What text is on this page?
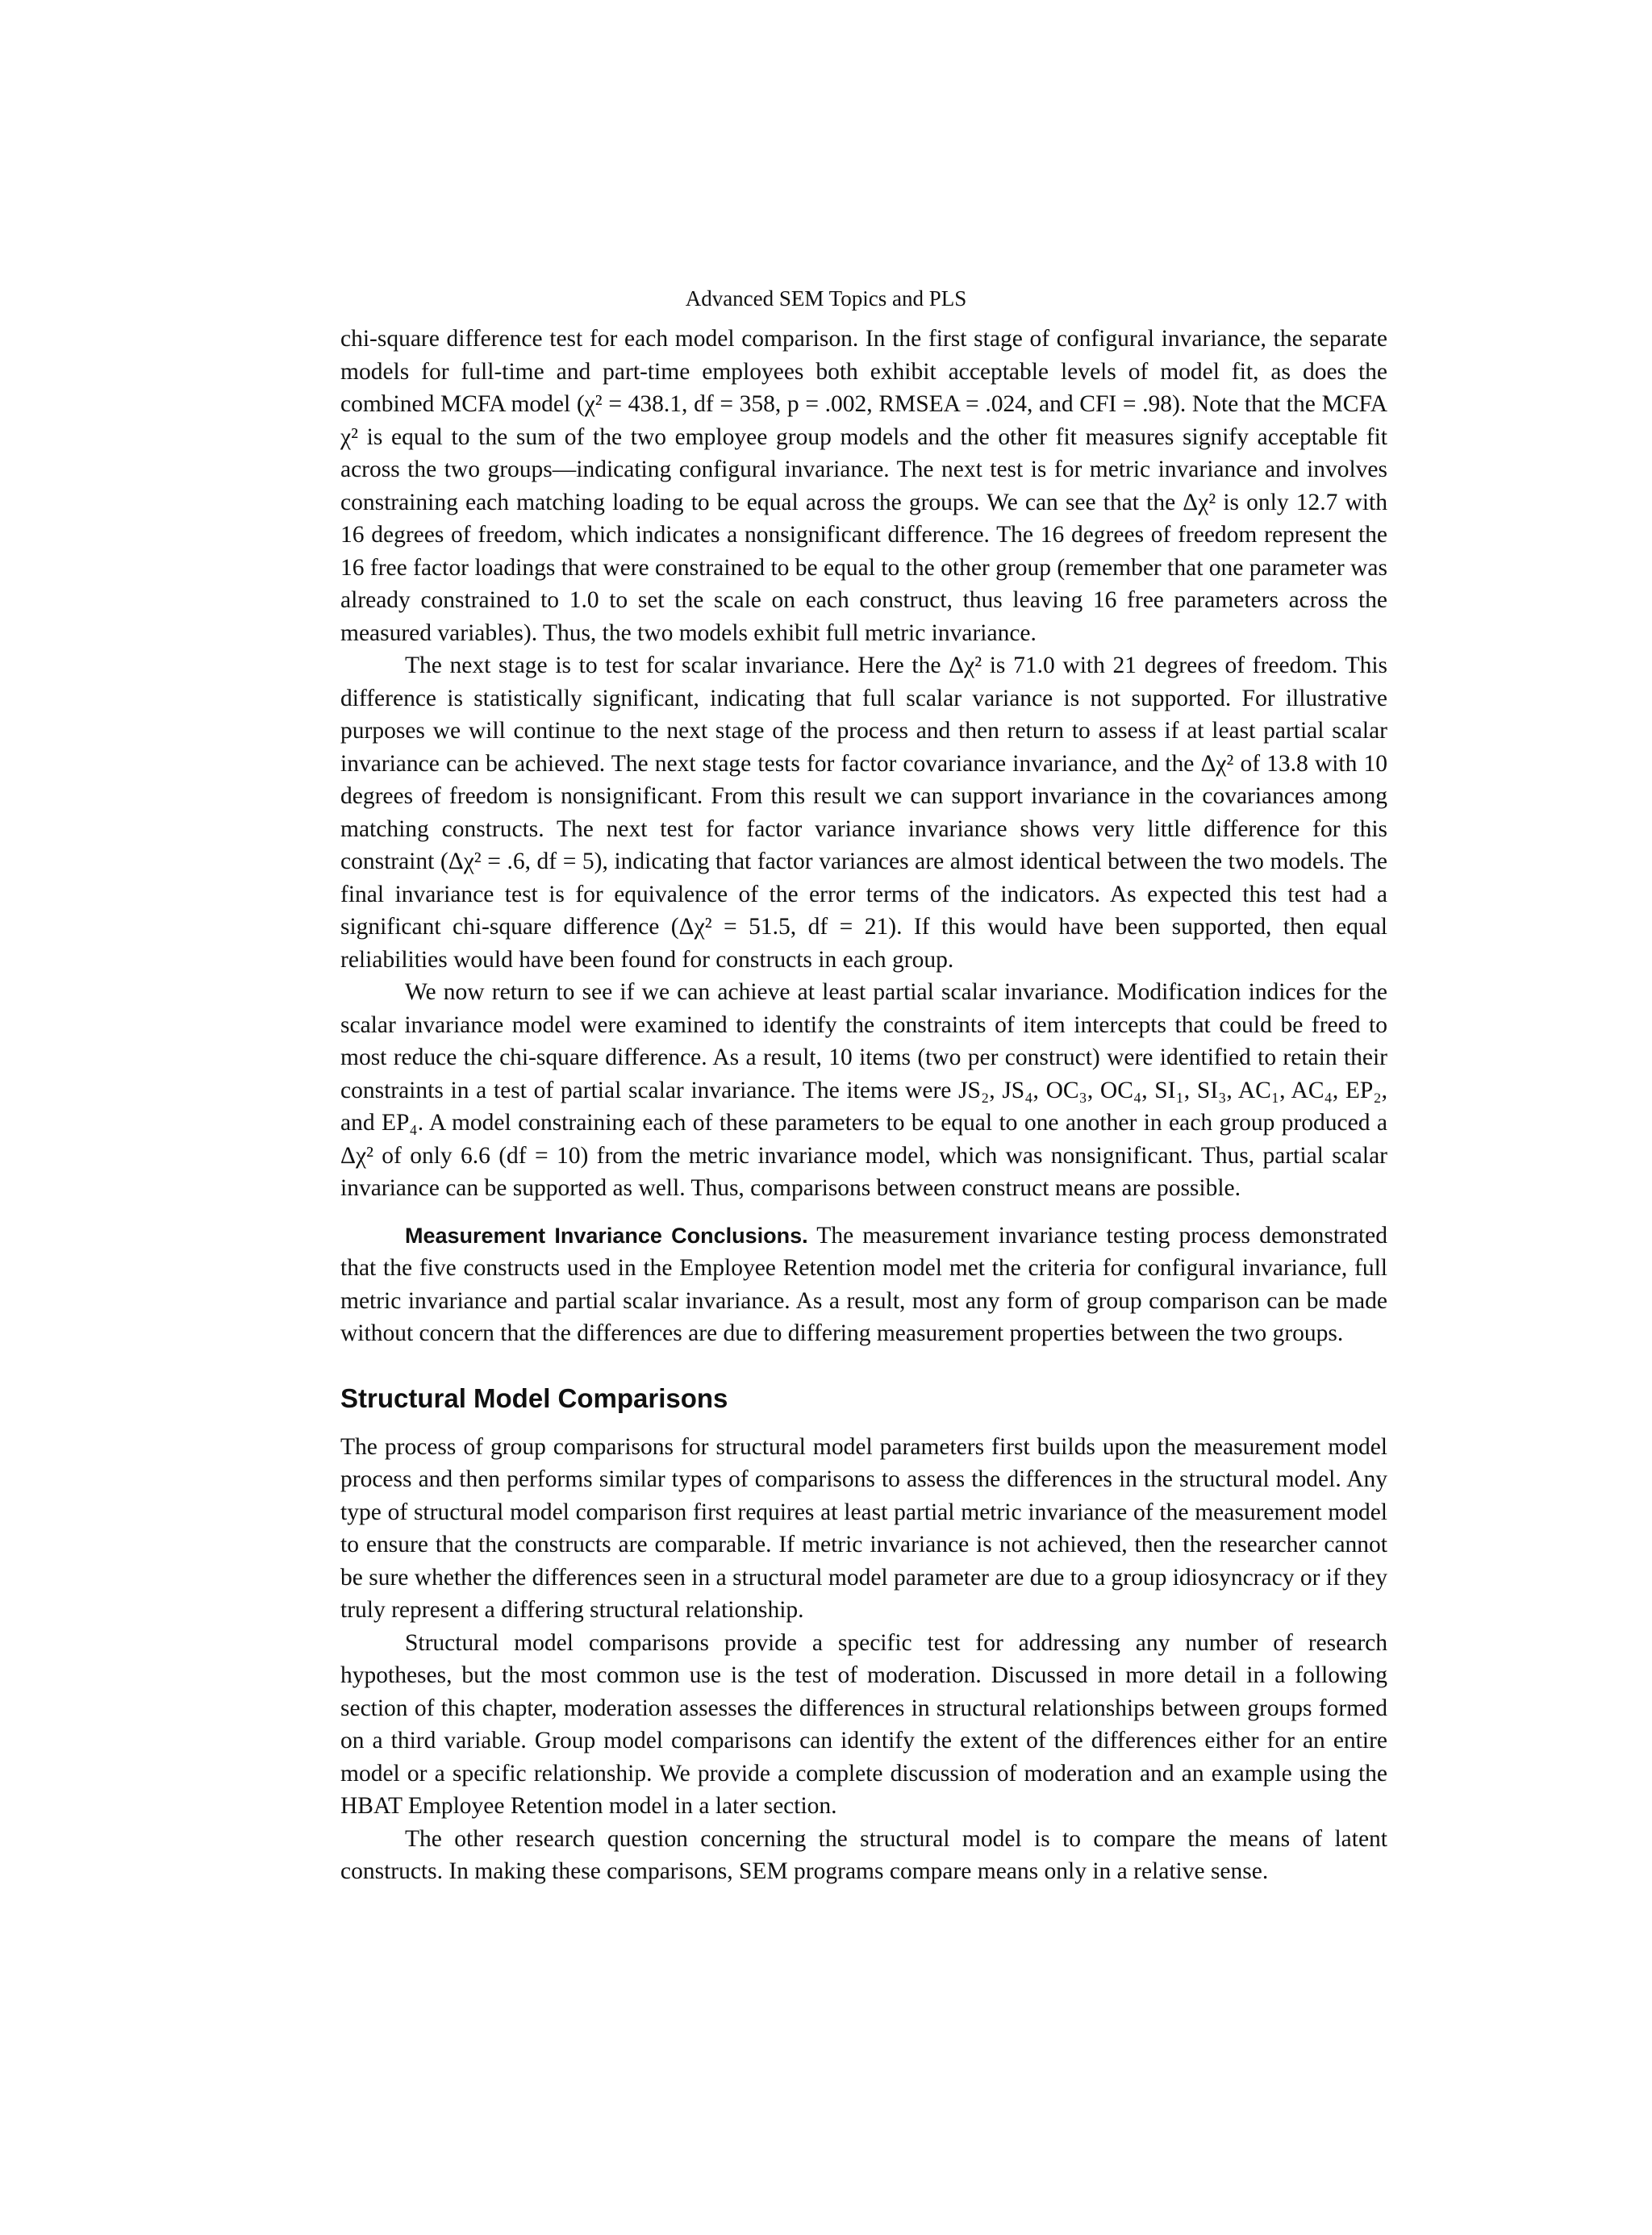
Advanced SEM Topics and PLS

chi-square difference test for each model comparison. In the first stage of configural invariance, the separate models for full-time and part-time employees both exhibit acceptable levels of model fit, as does the combined MCFA model (χ² = 438.1, df = 358, p = .002, RMSEA = .024, and CFI = .98). Note that the MCFA χ² is equal to the sum of the two employee group models and the other fit measures signify acceptable fit across the two groups—indicating configural invariance. The next test is for metric invariance and involves constraining each matching loading to be equal across the groups. We can see that the Δχ² is only 12.7 with 16 degrees of freedom, which indicates a nonsignificant difference. The 16 degrees of freedom represent the 16 free factor loadings that were constrained to be equal to the other group (remember that one parameter was already constrained to 1.0 to set the scale on each construct, thus leaving 16 free parameters across the measured variables). Thus, the two models exhibit full metric invariance.

The next stage is to test for scalar invariance. Here the Δχ² is 71.0 with 21 degrees of freedom. This difference is statistically significant, indicating that full scalar variance is not supported. For illustrative purposes we will continue to the next stage of the process and then return to assess if at least partial scalar invariance can be achieved. The next stage tests for factor covariance invariance, and the Δχ² of 13.8 with 10 degrees of freedom is nonsignificant. From this result we can support invariance in the covariances among matching constructs. The next test for factor variance invariance shows very little difference for this constraint (Δχ² = .6, df = 5), indicating that factor variances are almost identical between the two models. The final invariance test is for equivalence of the error terms of the indicators. As expected this test had a significant chi-square difference (Δχ² = 51.5, df = 21). If this would have been supported, then equal reliabilities would have been found for constructs in each group.

We now return to see if we can achieve at least partial scalar invariance. Modification indices for the scalar invariance model were examined to identify the constraints of item intercepts that could be freed to most reduce the chi-square difference. As a result, 10 items (two per construct) were identified to retain their constraints in a test of partial scalar invariance. The items were JS₂, JS₄, OC₃, OC₄, SI₁, SI₃, AC₁, AC₄, EP₂, and EP₄. A model constraining each of these parameters to be equal to one another in each group produced a Δχ² of only 6.6 (df = 10) from the metric invariance model, which was nonsignificant. Thus, partial scalar invariance can be supported as well. Thus, comparisons between construct means are possible.

Measurement Invariance Conclusions. The measurement invariance testing process demonstrated that the five constructs used in the Employee Retention model met the criteria for configural invariance, full metric invariance and partial scalar invariance. As a result, most any form of group comparison can be made without concern that the differences are due to differing measurement properties between the two groups.

Structural Model Comparisons

The process of group comparisons for structural model parameters first builds upon the measurement model process and then performs similar types of comparisons to assess the differences in the structural model. Any type of structural model comparison first requires at least partial metric invariance of the measurement model to ensure that the constructs are comparable. If metric invariance is not achieved, then the researcher cannot be sure whether the differences seen in a structural model parameter are due to a group idiosyncracy or if they truly represent a differing structural relationship.

Structural model comparisons provide a specific test for addressing any number of research hypotheses, but the most common use is the test of moderation. Discussed in more detail in a following section of this chapter, moderation assesses the differences in structural relationships between groups formed on a third variable. Group model comparisons can identify the extent of the differences either for an entire model or a specific relationship. We provide a complete discussion of moderation and an example using the HBAT Employee Retention model in a later section.

The other research question concerning the structural model is to compare the means of latent constructs. In making these comparisons, SEM programs compare means only in a relative sense.
